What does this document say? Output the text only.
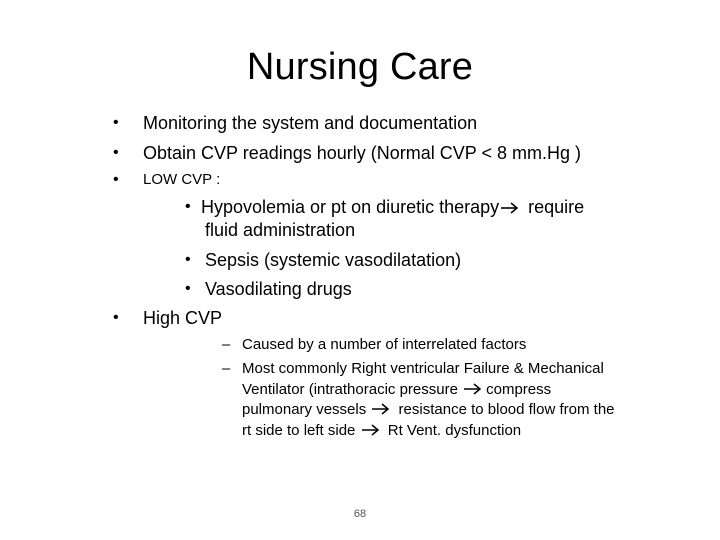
Nursing Care
• Monitoring the system and documentation
• Obtain CVP readings hourly (Normal CVP < 8 mm.Hg )
• LOW CVP :
• Hypovolemia or pt on diuretic therapy
require
fluid administration
• Sepsis (systemic vasodilatation)
• Vasodilating drugs
• High CVP
– Caused by a number of interrelated factors
– Most commonly Right ventricular Failure & Mechanical
Ventilator (intrathoracic pressure
compress
pulmonary vessels
resistance to blood flow from the
rt side to left side
Rt Vent. dysfunction
68
